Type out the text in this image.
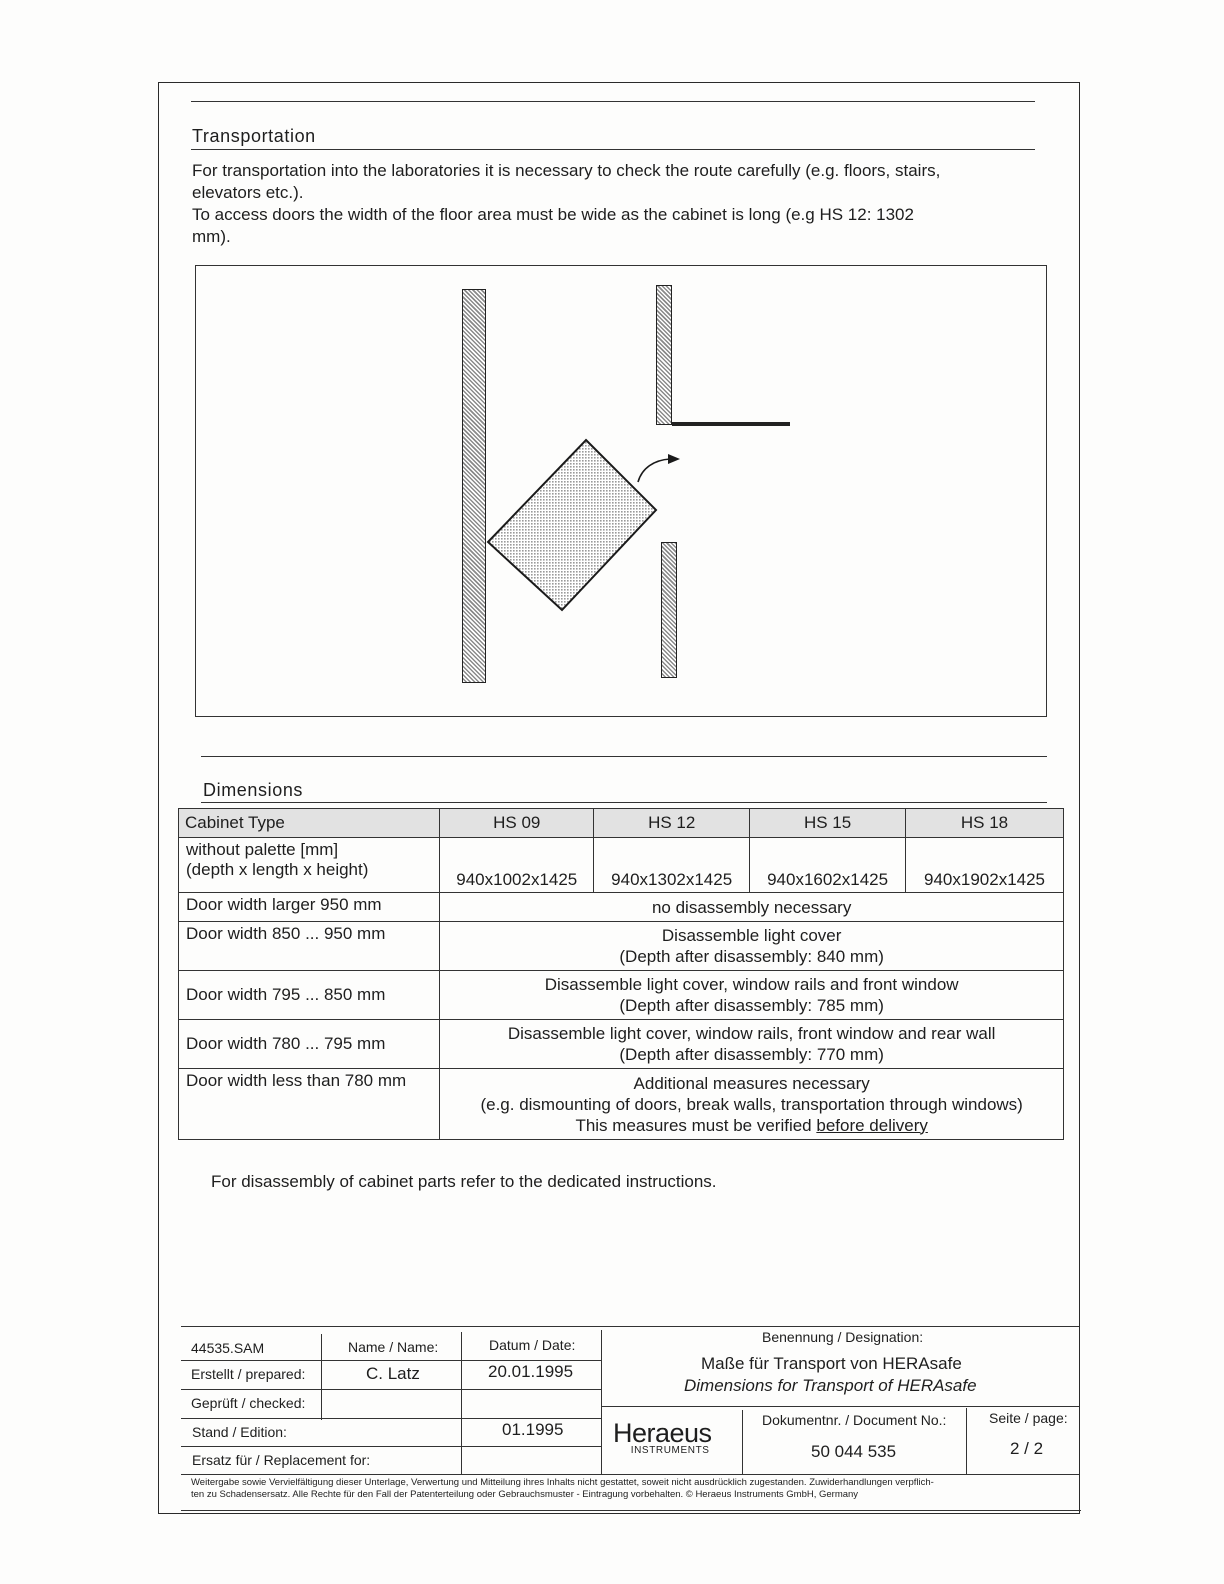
Transportation
For transportation into the laboratories it is necessary to check the route carefully (e.g. floors, stairs,
elevators etc.).
To access doors the width of the floor area must be wide as the cabinet is long (e.g HS 12: 1302
mm).
Dimensions
Cabinet Type	HS 09	HS 12	HS 15	HS 18

without palette [mm]
(depth x length x height)	940x1002x1425	940x1302x1425	940x1602x1425	940x1902x1425
Door width larger 950 mm	no disassembly necessary			

Door width 850 ... 950 mm	Disassemble light cover
(Depth after disassembly: 840 mm)			

Door width 795 ... 850 mm	Disassemble light cover, window rails and front window
(Depth after disassembly: 785 mm)			

Door width 780 ... 795 mm	Disassemble light cover, window rails, front window and rear wall
(Depth after disassembly: 770 mm)			

Door width less than 780 mm	Additional measures necessary
(e.g. dismounting of doors, break walls, transportation through windows)
This measures must be verified before delivery			
For disassembly of cabinet parts refer to the dedicated instructions.
44535.SAM	Name / Name:	Datum / Date:
Erstellt / prepared:	C. Latz	20.01.1995
Geprüft / checked:
Stand / Edition:	01.1995
Ersatz für / Replacement for:
Benennung / Designation:
Maße für Transport von HERAsafe
Dimensions for Transport of HERAsafe
Heraeus
INSTRUMENTS
Dokumentnr. / Document No.:
50 044 535
Seite / page:
2 / 2
Weitergabe sowie Vervielfältigung dieser Unterlage, Verwertung und Mitteilung ihres Inhalts nicht gestattet, soweit nicht ausdrücklich zugestanden. Zuwiderhandlungen verpflich-
ten zu Schadensersatz. Alle Rechte für den Fall der Patenterteilung oder Gebrauchsmuster - Eintragung vorbehalten. © Heraeus Instruments GmbH, Germany
